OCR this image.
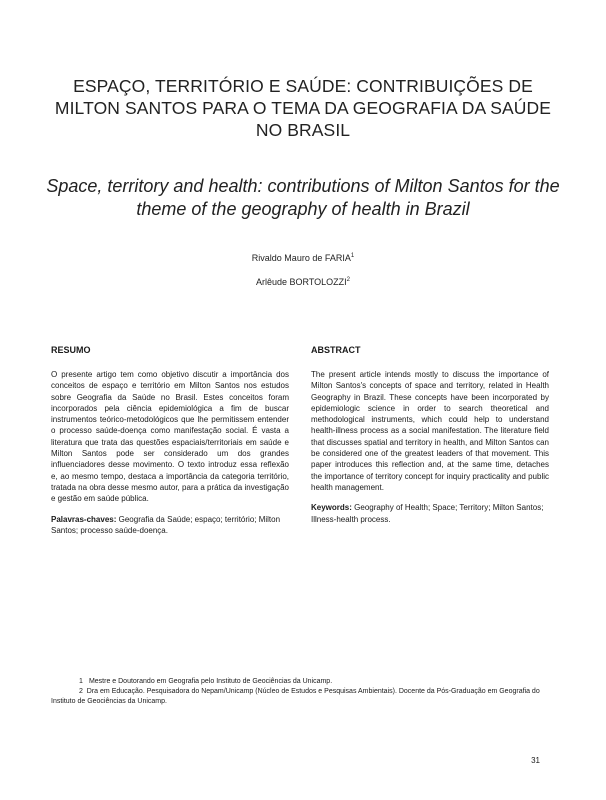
ESPAÇO, TERRITÓRIO E SAÚDE: CONTRIBUIÇÕES DE MILTON SANTOS PARA O TEMA DA GEOGRAFIA DA SAÚDE NO BRASIL
Space, territory and health: contributions of Milton Santos for the theme of the geography of health in Brazil
Rivaldo Mauro de FARIA$^1$
Arlêude BORTOLOZZI$^2$
RESUMO

O presente artigo tem como objetivo discutir a importância dos conceitos de espaço e território em Milton Santos nos estudos sobre Geografia da Saúde no Brasil. Estes conceitos foram incorporados pela ciência epidemiológica a fim de buscar instrumentos teórico-metodológicos que lhe permitissem entender o processo saúde-doença como manifestação social. É vasta a literatura que trata das questões espaciais/territoriais em saúde e Milton Santos pode ser considerado um dos grandes influenciadores desse movimento. O texto introduz essa reflexão e, ao mesmo tempo, destaca a importância da categoria território, tratada na obra desse mesmo autor, para a prática da investigação e gestão em saúde pública.

Palavras-chaves: Geografia da Saúde; espaço; território; Milton Santos; processo saúde-doença.
ABSTRACT

The present article intends mostly to discuss the importance of Milton Santos's concepts of space and territory, related in Health Geography in Brazil. These concepts have been incorporated by epidemiologic science in order to search theoretical and methodological instruments, which could help to understand health-illness process as a social manifestation. The literature field that discusses spatial and territory in health, and Milton Santos can be considered one of the greatest leaders of that movement. This paper introduces this reflection and, at the same time, detaches the importance of territory concept for inquiry practicality and public health management.

Keywords: Geography of Health; Space; Territory; Milton Santos; Illness-health process.

1 Mestre e Doutorando em Geografia pelo Instituto de Geociências da Unicamp.

2 Dra em Educação. Pesquisadora do Nepam/Unicamp (Núcleo de Estudos e Pesquisas Ambientais). Docente da Pós-Graduação em Geografia do Instituto de Geociências da Unicamp.

31
